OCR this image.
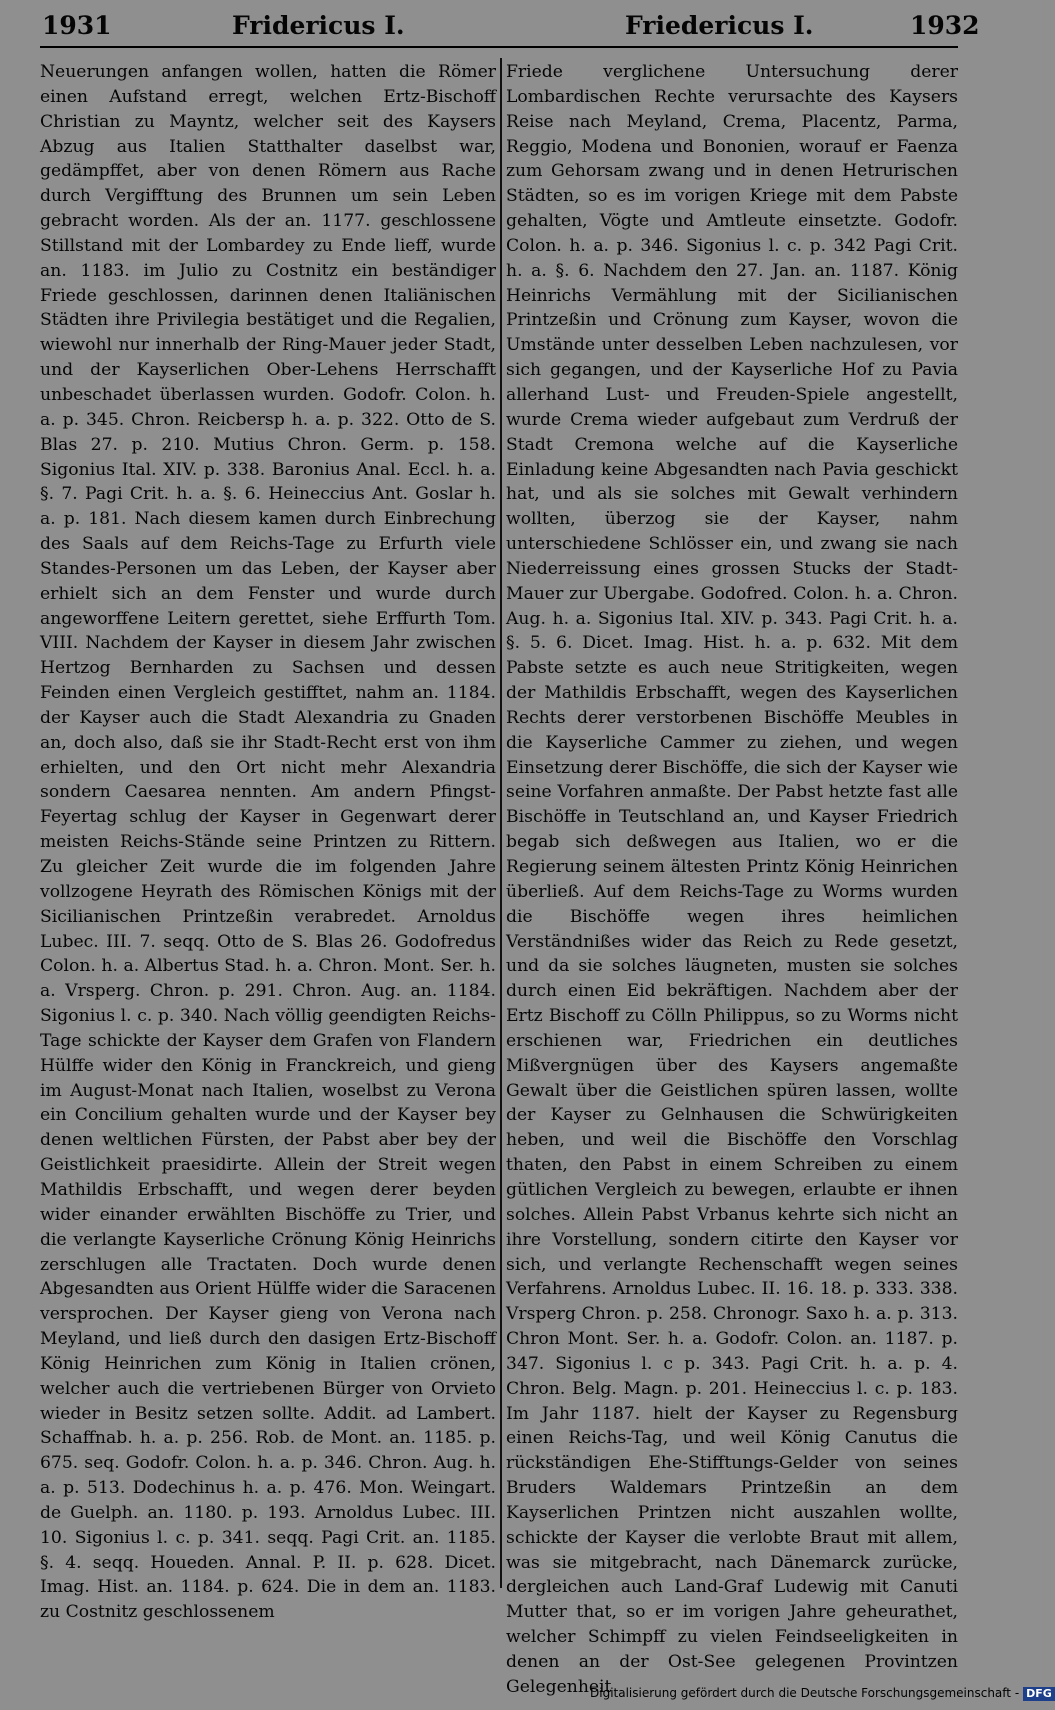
1931	Fridericus I.	Friedericus I.	1932

Neuerungen anfangen wollen, hatten die Römer einen Aufstand erregt, welchen Ertz-Bischoff Christian zu Mayntz, welcher seit des Kaysers Abzug aus Italien Statthalter daselbst war, gedämpffet, aber von denen Römern aus Rache durch Vergifftung des Brunnen um sein Leben gebracht worden. Als der an. 1177. geschlossene Stillstand mit der Lombardey zu Ende lieff, wurde an. 1183. im Julio zu Costnitz ein beständiger Friede geschlossen, darinnen denen Italiänischen Städten ihre Privilegia bestätiget und die Regalien, wiewohl nur innerhalb der Ring-Mauer jeder Stadt, und der Kayserlichen Ober-Lehens Herrschafft unbeschadet überlassen wurden. Godofr. Colon. h. a. p. 345. Chron. Reicbersp h. a. p. 322. Otto de S. Blas 27. p. 210. Mutius Chron. Germ. p. 158. Sigonius Ital. XIV. p. 338. Baronius Anal. Eccl. h. a. §. 7. Pagi Crit. h. a. §. 6. Heineccius Ant. Goslar h. a. p. 181. Nach diesem kamen durch Einbrechung des Saals auf dem Reichs-Tage zu Erfurth viele Standes-Personen um das Leben, der Kayser aber erhielt sich an dem Fenster und wurde durch angeworffene Leitern gerettet, siehe Erffurth Tom. VIII. Nachdem der Kayser in diesem Jahr zwischen Hertzog Bernharden zu Sachsen und dessen Feinden einen Vergleich gestifftet, nahm an. 1184. der Kayser auch die Stadt Alexandria zu Gnaden an, doch also, daß sie ihr Stadt-Recht erst von ihm erhielten, und den Ort nicht mehr Alexandria sondern Caesarea nennten. Am andern Pfingst-Feyertag schlug der Kayser in Gegenwart derer meisten Reichs-Stände seine Printzen zu Rittern. Zu gleicher Zeit wurde die im folgenden Jahre vollzogene Heyrath des Römischen Königs mit der Sicilianischen Printzeßin verabredet. Arnoldus Lubec. III. 7. seqq. Otto de S. Blas 26. Godofredus Colon. h. a. Albertus Stad. h. a. Chron. Mont. Ser. h. a. Vrsperg. Chron. p. 291. Chron. Aug. an. 1184. Sigonius l. c. p. 340. Nach völlig geendigten Reichs-Tage schickte der Kayser dem Grafen von Flandern Hülffe wider den König in Franckreich, und gieng im August-Monat nach Italien, woselbst zu Verona ein Concilium gehalten wurde und der Kayser bey denen weltlichen Fürsten, der Pabst aber bey der Geistlichkeit praesidirte. Allein der Streit wegen Mathildis Erbschafft, und wegen derer beyden wider einander erwählten Bischöffe zu Trier, und die verlangte Kayserliche Crönung König Heinrichs zerschlugen alle Tractaten. Doch wurde denen Abgesandten aus Orient Hülffe wider die Saracenen versprochen. Der Kayser gieng von Verona nach Meyland, und ließ durch den dasigen Ertz-Bischoff König Heinrichen zum König in Italien crönen, welcher auch die vertriebenen Bürger von Orvieto wieder in Besitz setzen sollte. Addit. ad Lambert. Schaffnab. h. a. p. 256. Rob. de Mont. an. 1185. p. 675. seq. Godofr. Colon. h. a. p. 346. Chron. Aug. h. a. p. 513. Dodechinus h. a. p. 476. Mon. Weingart. de Guelph. an. 1180. p. 193. Arnoldus Lubec. III. 10. Sigonius l. c. p. 341. seqq. Pagi Crit. an. 1185. §. 4. seqq. Houeden. Annal. P. II. p. 628. Dicet. Imag. Hist. an. 1184. p. 624. Die in dem an. 1183. zu Costnitz geschlossenem

Friede verglichene Untersuchung derer Lombardischen Rechte verursachte des Kaysers Reise nach Meyland, Crema, Placentz, Parma, Reggio, Modena und Bononien, worauf er Faenza zum Gehorsam zwang und in denen Hetrurischen Städten, so es im vorigen Kriege mit dem Pabste gehalten, Vögte und Amtleute einsetzte. Godofr. Colon. h. a. p. 346. Sigonius l. c. p. 342 Pagi Crit. h. a. §. 6. Nachdem den 27. Jan. an. 1187. König Heinrichs Vermählung mit der Sicilianischen Printzeßin und Crönung zum Kayser, wovon die Umstände unter desselben Leben nachzulesen, vor sich gegangen, und der Kayserliche Hof zu Pavia allerhand Lust- und Freuden-Spiele angestellt, wurde Crema wieder aufgebaut zum Verdruß der Stadt Cremona welche auf die Kayserliche Einladung keine Abgesandten nach Pavia geschickt hat, und als sie solches mit Gewalt verhindern wollten, überzog sie der Kayser, nahm unterschiedene Schlösser ein, und zwang sie nach Niederreissung eines grossen Stucks der Stadt-Mauer zur Ubergabe. Godofred. Colon. h. a. Chron. Aug. h. a. Sigonius Ital. XIV. p. 343. Pagi Crit. h. a. §. 5. 6. Dicet. Imag. Hist. h. a. p. 632. Mit dem Pabste setzte es auch neue Stritigkeiten, wegen der Mathildis Erbschafft, wegen des Kayserlichen Rechts derer verstorbenen Bischöffe Meubles in die Kayserliche Cammer zu ziehen, und wegen Einsetzung derer Bischöffe, die sich der Kayser wie seine Vorfahren anmaßte. Der Pabst hetzte fast alle Bischöffe in Teutschland an, und Kayser Friedrich begab sich deßwegen aus Italien, wo er die Regierung seinem ältesten Printz König Heinrichen überließ. Auf dem Reichs-Tage zu Worms wurden die Bischöffe wegen ihres heimlichen Verständnißes wider das Reich zu Rede gesetzt, und da sie solches läugneten, musten sie solches durch einen Eid bekräftigen. Nachdem aber der Ertz Bischoff zu Cölln Philippus, so zu Worms nicht erschienen war, Friedrichen ein deutliches Mißvergnügen über des Kaysers angemaßte Gewalt über die Geistlichen spüren lassen, wollte der Kayser zu Gelnhausen die Schwürigkeiten heben, und weil die Bischöffe den Vorschlag thaten, den Pabst in einem Schreiben zu einem gütlichen Vergleich zu bewegen, erlaubte er ihnen solches. Allein Pabst Vrbanus kehrte sich nicht an ihre Vorstellung, sondern citirte den Kayser vor sich, und verlangte Rechenschafft wegen seines Verfahrens. Arnoldus Lubec. II. 16. 18. p. 333. 338. Vrsperg Chron. p. 258. Chronogr. Saxo h. a. p. 313. Chron Mont. Ser. h. a. Godofr. Colon. an. 1187. p. 347. Sigonius l. c p. 343. Pagi Crit. h. a. p. 4. Chron. Belg. Magn. p. 201. Heineccius l. c. p. 183. Im Jahr 1187. hielt der Kayser zu Regensburg einen Reichs-Tag, und weil König Canutus die rückständigen Ehe-Stifftungs-Gelder von seines Bruders Waldemars Printzeßin an dem Kayserlichen Printzen nicht auszahlen wollte, schickte der Kayser die verlobte Braut mit allem, was sie mitgebracht, nach Dänemarck zurücke, dergleichen auch Land-Graf Ludewig mit Canuti Mutter that, so er im vorigen Jahre geheurathet, welcher Schimpff zu vielen Feindseeligkeiten in denen an der Ost-See gelegenen Provintzen Gelegenheit

Digitalisierung gefördert durch die Deutsche Forschungsgemeinschaft - DFG
